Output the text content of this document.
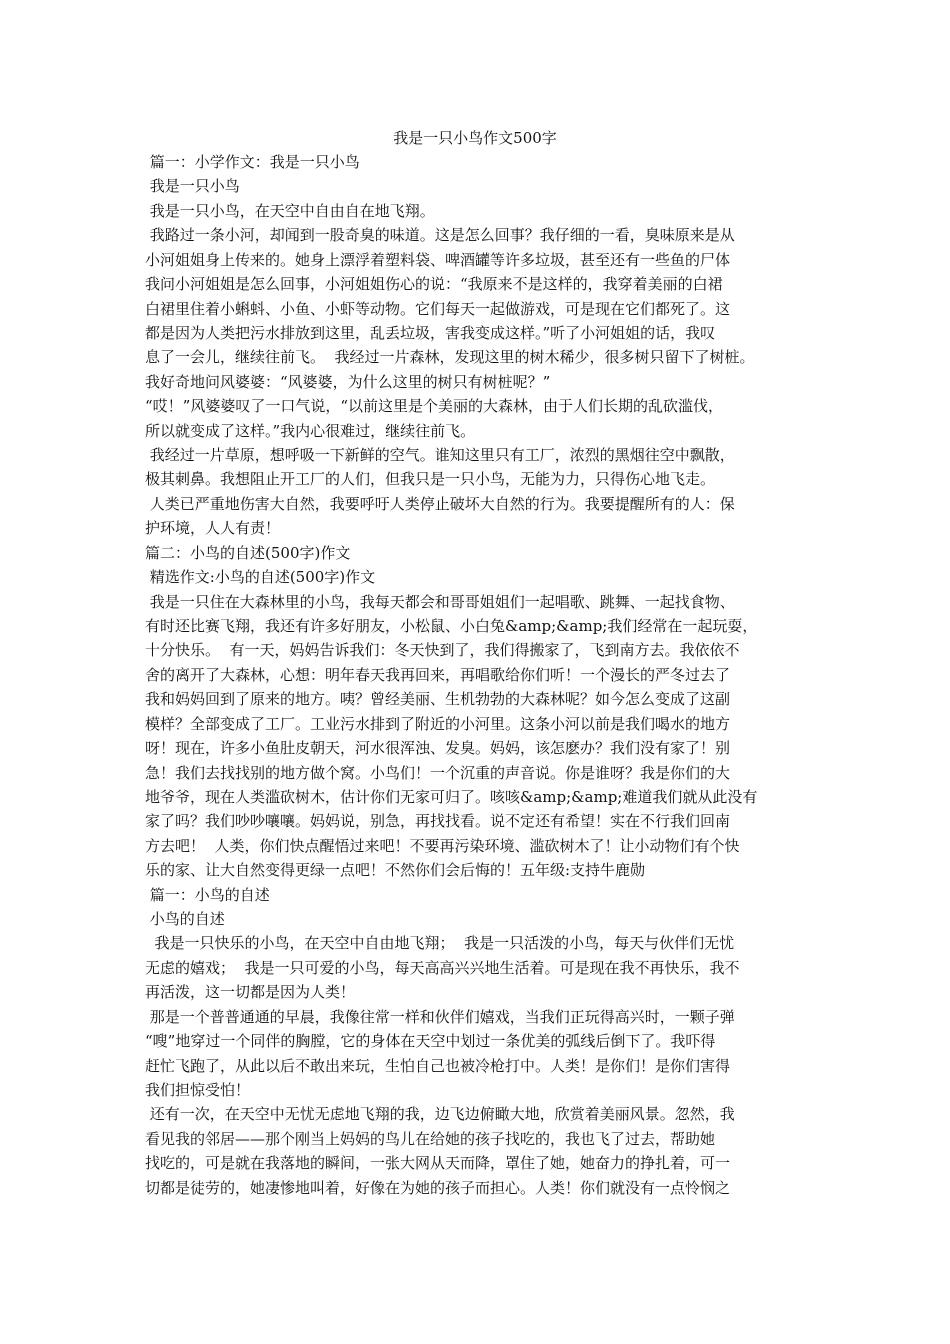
我是一只小鸟作文500字
篇一：小学作文：我是一只小鸟
我是一只小鸟
我是一只小鸟，在天空中自由自在地飞翔。
我路过一条小河，却闻到一股奇臭的味道。这是怎么回事？我仔细的一看，臭味原来是从
小河姐姐身上传来的。她身上漂浮着塑料袋、啤酒罐等许多垃圾，甚至还有一些鱼的尸体
我问小河姐姐是怎么回事，小河姐姐伤心的说：“我原来不是这样的，我穿着美丽的白裙
白裙里住着小蝌蚪、小鱼、小虾等动物。它们每天一起做游戏，可是现在它们都死了。这
都是因为人类把污水排放到这里，乱丢垃圾，害我变成这样。”听了小河姐姐的话，我叹
息了一会儿，继续往前飞。  我经过一片森林，发现这里的树木稀少，很多树只留下了树桩。
我好奇地问风婆婆：“风婆婆，为什么这里的树只有树桩呢？”
“哎！”风婆婆叹了一口气说，“以前这里是个美丽的大森林，由于人们长期的乱砍滥伐，
所以就变成了这样。”我内心很难过，继续往前飞。
我经过一片草原，想呼吸一下新鲜的空气。谁知这里只有工厂，浓烈的黑烟往空中飘散，
极其刺鼻。我想阻止开工厂的人们，但我只是一只小鸟，无能为力，只得伤心地飞走。
人类已严重地伤害大自然，我要呼吁人类停止破坏大自然的行为。我要提醒所有的人：保
护环境，人人有责！
篇二：小鸟的自述(500字)作文
精选作文:小鸟的自述(500字)作文
我是一只住在大森林里的小鸟，我每天都会和哥哥姐姐们一起唱歌、跳舞、一起找食物、
有时还比赛飞翔，我还有许多好朋友，小松鼠、小白兔&amp;&amp;我们经常在一起玩耍，
十分快乐。  有一天，妈妈告诉我们：冬天快到了，我们得搬家了，飞到南方去。我依依不
舍的离开了大森林，心想：明年春天我再回来，再唱歌给你们听！一个漫长的严冬过去了
我和妈妈回到了原来的地方。咦？曾经美丽、生机勃勃的大森林呢？如今怎么变成了这副
模样？全部变成了工厂。工业污水排到了附近的小河里。这条小河以前是我们喝水的地方
呀！现在，许多小鱼肚皮朝天，河水很浑浊、发臭。妈妈，该怎麽办？我们没有家了！别
急！我们去找找别的地方做个窝。小鸟们！一个沉重的声音说。你是谁呀？我是你们的大
地爷爷，现在人类滥砍树木，估计你们无家可归了。咳咳&amp;&amp;难道我们就从此没有
家了吗？我们吵吵嚷嚷。妈妈说，别急，再找找看。说不定还有希望！实在不行我们回南
方去吧！  人类，你们快点醒悟过来吧！不要再污染环境、滥砍树木了！让小动物们有个快
乐的家、让大自然变得更绿一点吧！不然你们会后悔的！五年级:支持牛鹿勋
篇一：小鸟的自述
小鸟的自述
我是一只快乐的小鸟，在天空中自由地飞翔；  我是一只活泼的小鸟，每天与伙伴们无忧
无虑的嬉戏；  我是一只可爱的小鸟，每天高高兴兴地生活着。可是现在我不再快乐，我不
再活泼，这一切都是因为人类！
那是一个普普通通的早晨，我像往常一样和伙伴们嬉戏，当我们正玩得高兴时，一颗子弹
“嗖”地穿过一个同伴的胸膛，它的身体在天空中划过一条优美的弧线后倒下了。我吓得
赶忙飞跑了，从此以后不敢出来玩，生怕自己也被冷枪打中。人类！是你们！是你们害得
我们担惊受怕！
还有一次，在天空中无忧无虑地飞翔的我，边飞边俯瞰大地，欣赏着美丽风景。忽然，我
看见我的邻居——那个刚当上妈妈的鸟儿在给她的孩子找吃的，我也飞了过去，帮助她
找吃的，可是就在我落地的瞬间，一张大网从天而降，罩住了她，她奋力的挣扎着，可一
切都是徒劳的，她凄惨地叫着，好像在为她的孩子而担心。人类！你们就没有一点怜悯之
